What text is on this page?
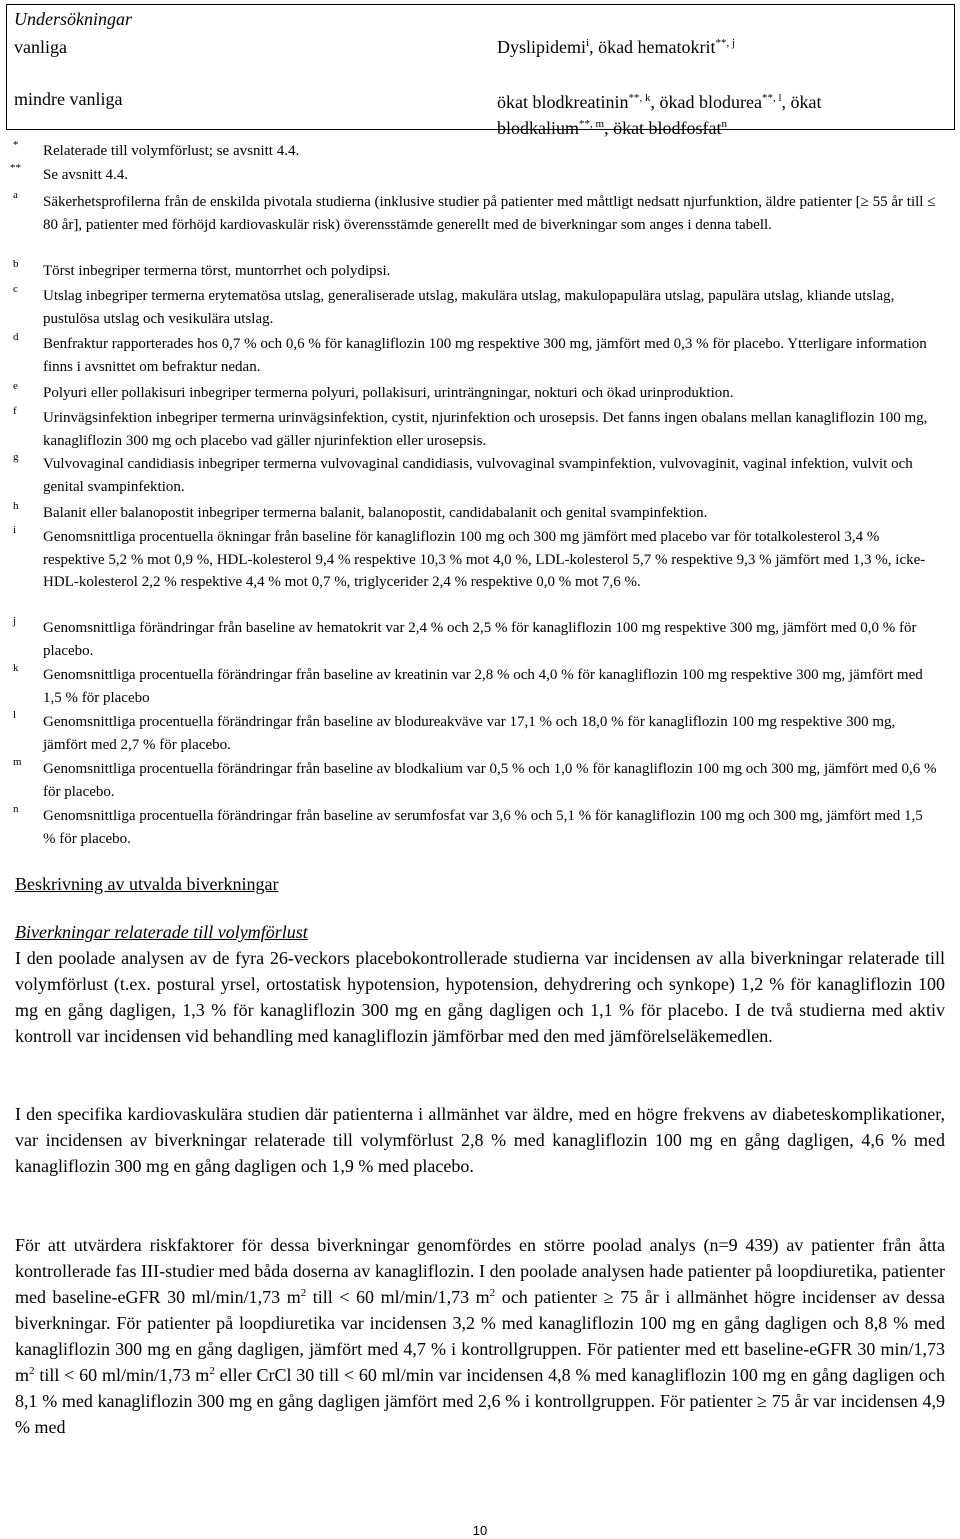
Undersökningar
vanliga	Dyslipidemi$^i$, ökad hematokrit$^{**, j}$
mindre vanliga	ökat blodkreatinin$^{**, k}$, ökad blodurea$^{**, l}$, ökat
blodkalium$^{**, m}$, ökat blodfosfat$^n$
* Relaterade till volymförlust; se avsnitt 4.4.
** Se avsnitt 4.4.
a Säkerhetsprofilerna från de enskilda pivotala studierna (inklusive studier på patienter med måttligt nedsatt njurfunktion, äldre patienter [≥ 55 år till ≤ 80 år], patienter med förhöjd kardiovaskulär risk) överensstämde generellt med de biverkningar som anges i denna tabell.
b Törst inbegriper termerna törst, muntorrhet och polydipsi.
c Utslag inbegriper termerna erytematösa utslag, generaliserade utslag, makulära utslag, makulopapulära utslag, papulära utslag, kliande utslag, pustulösa utslag och vesikulära utslag.
d Benfraktur rapporterades hos 0,7 % och 0,6 % för kanagliflozin 100 mg respektive 300 mg, jämfört med 0,3 % för placebo. Ytterligare information finns i avsnittet om befraktur nedan.
e Polyuri eller pollakisuri inbegriper termerna polyuri, pollakisuri, urinträngningar, nokturi och ökad urinproduktion.
f Urinvägsinfektion inbegriper termerna urinvägsinfektion, cystit, njurinfektion och urosepsis. Det fanns ingen obalans mellan kanagliflozin 100 mg, kanagliflozin 300 mg och placebo vad gäller njurinfektion eller urosepsis.
g Vulvovaginal candidiasis inbegriper termerna vulvovaginal candidiasis, vulvovaginal svampinfektion, vulvovaginit, vaginal infektion, vulvit och genital svampinfektion.
h Balanit eller balanopostit inbegriper termerna balanit, balanopostit, candidabalanit och genital svampinfektion.
i Genomsnittliga procentuella ökningar från baseline för kanagliflozin 100 mg och 300 mg jämfört med placebo var för totalkolesterol 3,4 % respektive 5,2 % mot 0,9 %, HDL-kolesterol 9,4 % respektive 10,3 % mot 4,0 %, LDL-kolesterol 5,7 % respektive 9,3 % jämfört med 1,3 %, icke-HDL-kolesterol 2,2 % respektive 4,4 % mot 0,7 %, triglycerider 2,4 % respektive 0,0 % mot 7,6 %.
j Genomsnittliga förändringar från baseline av hematokrit var 2,4 % och 2,5 % för kanagliflozin 100 mg respektive 300 mg, jämfört med 0,0 % för placebo.
k Genomsnittliga procentuella förändringar från baseline av kreatinin var 2,8 % och 4,0 % för kanagliflozin 100 mg respektive 300 mg, jämfört med 1,5 % för placebo
l Genomsnittliga procentuella förändringar från baseline av blodureakväve var 17,1 % och 18,0 % för kanagliflozin 100 mg respektive 300 mg, jämfört med 2,7 % för placebo.
m Genomsnittliga procentuella förändringar från baseline av blodkalium var 0,5 % och 1,0 % för kanagliflozin 100 mg och 300 mg, jämfört med 0,6 % för placebo.
n Genomsnittliga procentuella förändringar från baseline av serumfosfat var 3,6 % och 5,1 % för kanagliflozin 100 mg och 300 mg, jämfört med 1,5 % för placebo.
Beskrivning av utvalda biverkningar
Biverkningar relaterade till volymförlust
I den poolade analysen av de fyra 26-veckors placebokontrollerade studierna var incidensen av alla biverkningar relaterade till volymförlust (t.ex. postural yrsel, ortostatisk hypotension, hypotension, dehydrering och synkope) 1,2 % för kanagliflozin 100 mg en gång dagligen, 1,3 % för kanagliflozin 300 mg en gång dagligen och 1,1 % för placebo. I de två studierna med aktiv kontroll var incidensen vid behandling med kanagliflozin jämförbar med den med jämförelseläkemedlen.
I den specifika kardiovaskulära studien där patienterna i allmänhet var äldre, med en högre frekvens av diabeteskomplikationer, var incidensen av biverkningar relaterade till volymförlust 2,8 % med kanagliflozin 100 mg en gång dagligen, 4,6 % med kanagliflozin 300 mg en gång dagligen och 1,9 % med placebo.
För att utvärdera riskfaktorer för dessa biverkningar genomfördes en större poolad analys (n=9 439) av patienter från åtta kontrollerade fas III-studier med båda doserna av kanagliflozin. I den poolade analysen hade patienter på loopdiuretika, patienter med baseline-eGFR 30 ml/min/1,73 $m^2$ till < 60 ml/min/1,73 $m^2$ och patienter ≥ 75 år i allmänhet högre incidenser av dessa biverkningar. För patienter på loopdiuretika var incidensen 3,2 % med kanagliflozin 100 mg en gång dagligen och 8,8 % med kanagliflozin 300 mg en gång dagligen, jämfört med 4,7 % i kontrollgruppen. För patienter med ett baseline-eGFR 30 min/1,73 $m^2$ till < 60 ml/min/1,73 $m^2$ eller CrCl 30 till < 60 ml/min var incidensen 4,8 % med kanagliflozin 100 mg en gång dagligen och 8,1 % med kanagliflozin 300 mg en gång dagligen jämfört med 2,6 % i kontrollgruppen. För patienter ≥ 75 år var incidensen 4,9 % med
10
